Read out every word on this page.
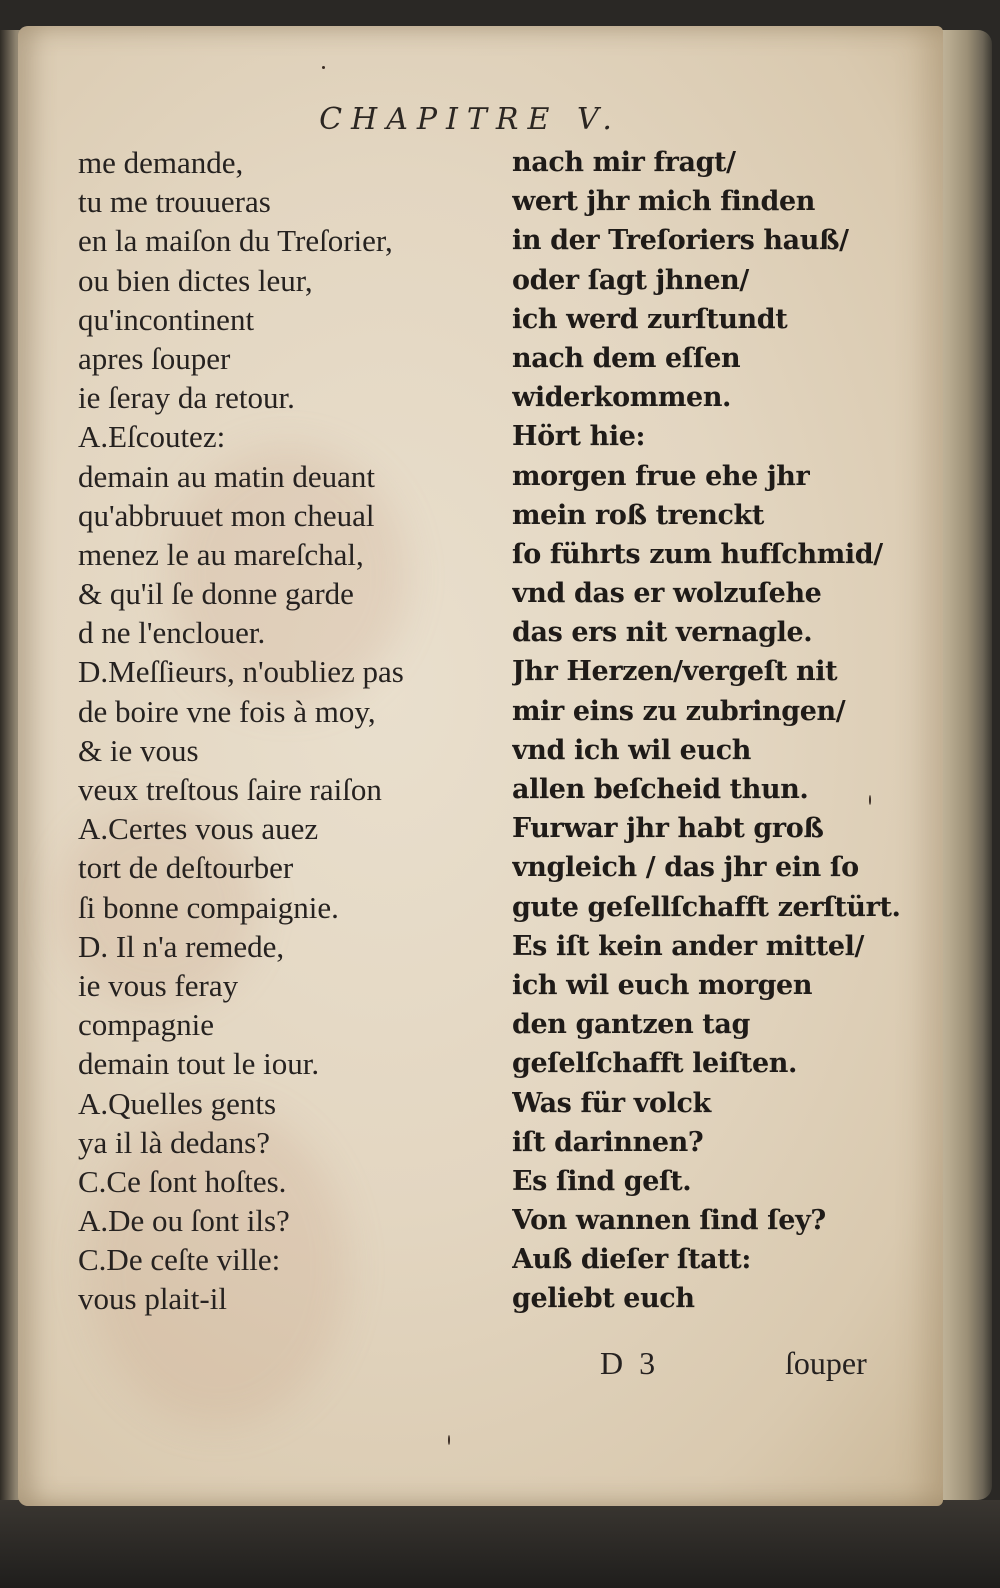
CHAPITRE V.
me demande,
tu me trouueras
en la maiſon du Treſorier,
ou bien dictes leur,
qu'incontinent
apres ſouper
ie ſeray da retour.
A.Eſcoutez:
demain au matin deuant
qu'abbruuet mon cheual
menez le au mareſchal,
& qu'il ſe donne garde
d ne l'enclouer.
D.Meſſieurs, n'oubliez pas
de boire vne fois à moy,
& ie vous
veux treſtous ſaire raiſon
A.Certes vous auez
tort de deſtourber
ſi bonne compaignie.
D. Il n'a remede,
ie vous feray
compagnie
demain tout le iour.
A.Quelles gents
ya il là dedans?
C.Ce ſont hoſtes.
A.De ou ſont ils?
C.De ceſte ville:
vous plait-il
nach mir fragt/
wert jhr mich finden
in der Treſoriers hauß/
oder ſagt jhnen/
ich werd zurſtundt
nach dem eſſen
widerkommen.
Hört hie:
morgen frue ehe jhr
mein roß trenckt
ſo führts zum hufſchmid/
vnd das er wolzuſehe
das ers nit vernagle.
Jhr Herzen/vergeſt nit
mir eins zu zubringen/
vnd ich wil euch
allen beſcheid thun.
Furwar jhr habt groß
vngleich / das jhr ein ſo
gute geſellſchafft zerſtürt.
Es iſt kein ander mittel/
ich wil euch morgen
den gantzen tag
geſelſchafft leiſten.
Was für volck
iſt darinnen?
Es ſind geſt.
Von wannen ſind ſey?
Auß dieſer ſtatt:
geliebt euch
D 3	ſouper
